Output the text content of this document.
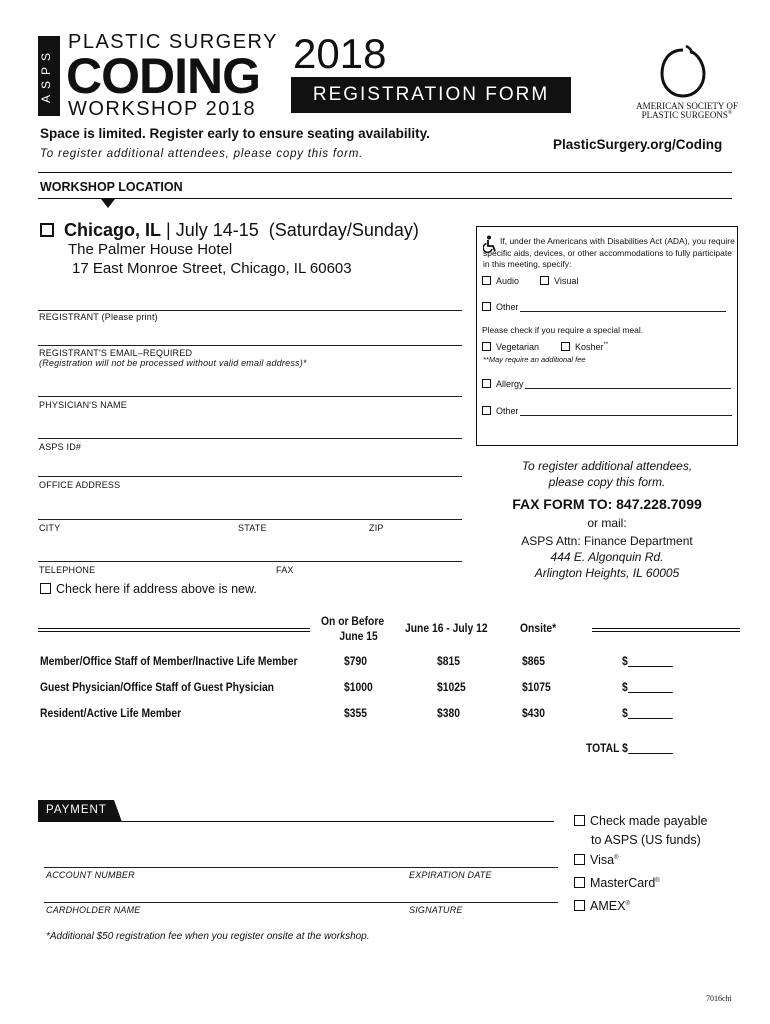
ASPS
PLASTIC SURGERY
CODING
WORKSHOP 2018
2018
REGISTRATION FORM
AMERICAN SOCIETY OF
PLASTIC SURGEONS®
Space is limited. Register early to ensure seating availability.
To register additional attendees, please copy this form.
PlasticSurgery.org/Coding
WORKSHOP LOCATION
Chicago, IL | July 14-15  (Saturday/Sunday)
The Palmer House Hotel
17 East Monroe Street, Chicago, IL 60603
REGISTRANT (Please print)
REGISTRANT'S EMAIL–REQUIRED
(Registration will not be processed without valid email address)*
PHYSICIAN'S NAME
ASPS ID#
OFFICE ADDRESS
CITY	STATE	ZIP
TELEPHONE	FAX
Check here if address above is new.
If, under the Americans with Disabilities Act (ADA), you require specific aids, devices, or other accommodations to fully participate in this meeting, specify:
Audio	Visual
Other
Please check if you require a special meal.
Vegetarian	Kosher**
**May require an additional fee
Allergy
Other
To register additional attendees,
please copy this form.
FAX FORM TO: 847.228.7099
or mail:
ASPS Attn: Finance Department
444 E. Algonquin Rd.
Arlington Heights, IL 60005
On or Before
June 15
June 16 - July 12	Onsite*
Member/Office Staff of Member/Inactive Life Member	$790	$815	$865	$
Guest Physician/Office Staff of Guest Physician	$1000	$1025	$1075	$
Resident/Active Life Member	$355	$380	$430	$
TOTAL $
PAYMENT
ACCOUNT NUMBER	EXPIRATION DATE
CARDHOLDER NAME	SIGNATURE
Check made payable
to ASPS (US funds)
Visa®
MasterCard®
AMEX®
*Additional $50 registration fee when you register onsite at the workshop.
7016chi
